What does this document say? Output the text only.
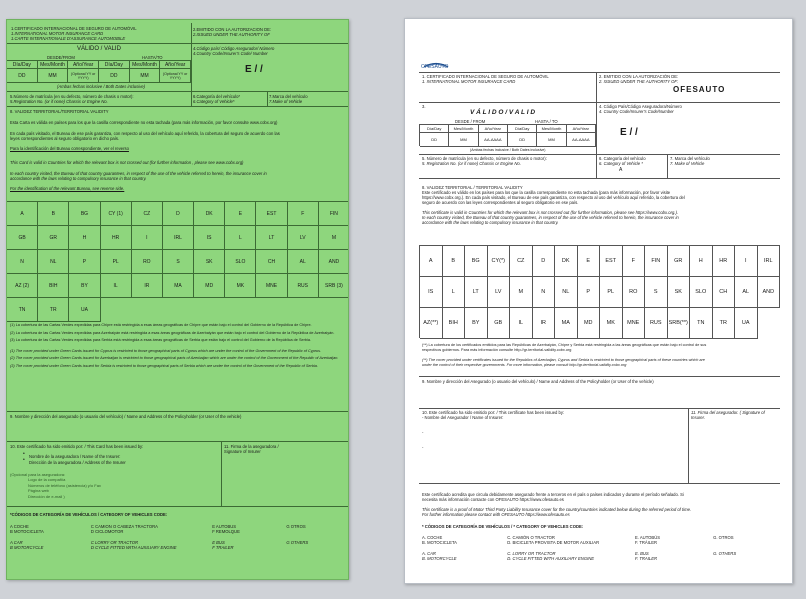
1.CERTIFICADO INTERNACIONAL DE SEGURO DE AUTOMÓVIL
1.INTERNATIONAL MOTOR INSURANCE CARD
1.CARTE INTERNATIONALE D'ASSURANCE AUTOMOBILE
2.EMITIDO CON LA AUTORIZACION DE:
2.ISSUED UNDER THE AUTHORITY OF
VÁLIDO / VALID
DESDE/FROM	HASTA/TO
Día/Day	Mes/Month	Año/Year	Día/Day	Mes/Month	Año/Year
DD	MM	(Optional YY or YYYY)	DD	MM	(Optional YY or YYYY)
(Ambas fechas inclusive / Both Dates inclusive)
4.Código país/ Código Asegurador/ Número
4.Country Code/Insurer's Code/ Number
E / /
5.Número de matrícula (en su defecto, número de chasis o motor):
5.Registration No. (or if none) Chassis or Engine No.
6.Categoría del vehículo*
6.Category of Vehicle*
7.Marca del vehículo
7.Make of Vehicle
8. VALIDEZ TERRITORIAL/TERRITORIAL VALIDITY
Esta Carta es válida en países para los que la casilla correspondiente no esta tachada (para más información, por favor consulte www.cobx.org)
En cada país visitado, el Bureau de ese país garantiza, con respecto al uso del vehículo aquí referido, la cobertura del seguro de acuerdo con las
leyes correspondientes al seguro obligatorio en dicho país.
Para la identificación del Bureau correspondiente, ver el reverso
This Card is valid in Countries for which the relevant box is not crossed out (for further information , please see www.cobx.org)
In each country visited, the Bureau of that country guarantees, in respect of the use of the vehicle referred to herein, the insurance cover in
accordance with the laws relating to compulsory insurance in that country.
For the identification of the relevant Bureau, see reverse side.
A	B	BG	CY (1)	CZ	D	DK	E	EST	F	FIN
GB	GR	H	HR	I	IRL	IS	L	LT	LV	M
N	NL	P	PL	RO	S	SK	SLO	CH	AL	AND
AZ (2)	BIH	BY	IL	IR	MA	MD	MK	MNE	RUS	SRB (3)
TN	TR	UA
(1) La cobertura de las Cartas Verdes expedidas para Chipre está restringida a esas áreas geográficas de Chipre que están bajo el control del Gobierno de la República de Chipre.
(2) La cobertura de las Cartas Verdes expedidas para Azerbaiyán está restringida a esas áreas geográficas de Azerbaiyán que están bajo el control del Gobierno de la República de Azerbaiyán.
(3) La cobertura de las Cartas Verdes expedidas para Serbia está restringida a esas áreas geográficas de Serbia que están bajo el control del Gobierno de la República de Serbia.
(1) The cover provided under Green Cards issued for Cyprus is restricted to those geographical parts of Cyprus which are under the control of the Government of the Republic of Cyprus.
(2) The cover provided under Green Cards issued for Azerbaijan is restricted to those geographical parts of Azerbaijan which are under the control of the Government of the Republic of Azerbaijan.
(3) The cover provided under Green Cards issued for Serbia is restricted to those geographical parts of Serbia which are under the control of the Government of the Republic of Serbia.
9. Nombre y dirección del asegurado (o usuario del vehículo) / Name and Address of the Policyholder (or User of the vehicle)
10. Este certificado ha sido emitido por: / This Card has been issued by:
Nombre de la aseguradora / Name of the Insurer:
Dirección de la aseguradora / Address of the Insurer
•
•
(Opcional para la aseguradora:
Logo de la compañía
Números de teléfono (asistencia) y/o Fax
Página web
Dirección de e-mail )
11. Firma de la aseguradora /
Signature of Insurer
*CÓDIGOS DE CATEGORÍA DE VEHÍCULOS / CATEGORY OF VEHICLES CODE:
A COCHE	C CAMION O CABEZA TRACTORA	E AUTOBUS	G OTROS
B MOTOCICLETA	D CICLOMOTOR	F REMOLQUE
A CAR	C LORRY OR TRACTOR	E BUS	G OTHERS
B MOTORCYCLE	D CYCLE FITTED WITH AUXILIARY ENGINE	F TRAILER
OFESAUTO
1. CERTIFICADO INTERNACIONAL DE SEGURO DE AUTOMÓVIL
1. INTERNATIONAL MOTOR INSURANCE CARD
2. EMITIDO CON LA AUTORIZACIÓN DE:
2. ISSUED UNDER THE AUTHORITY OF:
OFESAUTO
3.
V Á L I D O / V A L I D
DESDE / FROM	HASTA / TO
Día/Day	Mes/Month	Año/Year	Día/Day	Mes/Month	Año/Year
DD	MM	AA-AAAA	DD	MM	AA-AAAA
(Ambas fechas inclusive / Both Dates inclusive)
4. Código País/Código Aseguradora/Número
4. Country Code/Insurer's Code/Number
E / /
5. Número de matrícula (en su defecto, número de chasis o motor):
5. Registration No. (or if none) Chassis or Engine No.
6. Categoría del vehículo
6. Category of Vehicle *
A
7. Marca del vehículo
7. Make of Vehicle
8. VALIDEZ TERRITORIAL / TERRITORIAL VALIDITY
Este certificado es válido en los países para los que la casilla correspondiente no esta tachada (para más información, por favor visite
https://www.cobx.org.). En cada país visitado, el Bureau de ese país garantiza, con respecto al uso del vehículo aquí referido, la cobertura del
seguro de acuerdo con las leyes correspondientes al seguro obligatorio en ese país.
This certificate is valid in Countries for which the relevant box is not crossed out (for further information, please see https://www.cobx.org.).
In each country visited, the Bureau of that country guarantees, in respect of the use of the vehicle referred to herein, the insurance cover in
accordance with the laws relating to compulsory insurance in that country.
A	B	BG	CY(*)	CZ	D	DK	E	EST	F	FIN	GR	H	HR	I	IRL
IS	L	LT	LV	M	N	NL	P	PL	RO	S	SK	SLO	CH	AL	AND
AZ(**)	BIH	BY	GB	IL	IR	MA	MD	MK	MNE	RUS	SRB(**)	TN	TR	UA
(**) La cobertura de los certificados emitidos para las Repúblicas de Azerbaiyán, Chipre y Serbia está restringida a las áreas geográficas que están bajo el control de sus
respectivos gobiernos. Para más información consulte http://gr-territorial-validity.cobx.org
(**) The cover provided under certificates issued for the Republics of Azerbaijan, Cyprus and Serbia is restricted to those geographical parts of these countries which are
under the control of their respective governments. For more information, please consult http://gr-territorial-validity.cobx.org
9. Nombre y dirección del Asegurado (o usuario del vehículo) / Name and Address of the Policyholder (or User of the vehicle)
10. Este certificado ha sido emitido por: / This certificate has been issued by:
- Nombre del Asegurador / Name of Insurer:
-
-
11. Firma del asegurador. ( Signature of
Insurer.
Este certificado acredita que circula debidamente asegurado frente a terceros en el país o países indicados y durante el período señalado. Si
necesita más información contacte con OFESAUTO https://www.ofesauto.es
This certificate is a proof of Motor Third Party Liability Insurance cover for the country/countries indicated below during the referred period of time.
For further information please contact with OFESAUTO https://www.ofesauto.es
* CÓDIGOS DE CATEGORÍA DE VEHÍCULOS / * CATEGORY OF VEHICLES CODE:
A. COCHE	C. CAMIÓN O TRACTOR	E. AUTOBÚS	G. OTROS
B. MOTOCICLETA	D. BICICLETA PROVISTA DE MOTOR AUXILIAR	F. TRÁILER
A. CAR	C. LORRY OR TRACTOR	E. BUS	G. OTHERS
B. MOTORCYCLE	D. CYCLE FITTED WITH AUXILIARY ENGINE	F. TRAILER
